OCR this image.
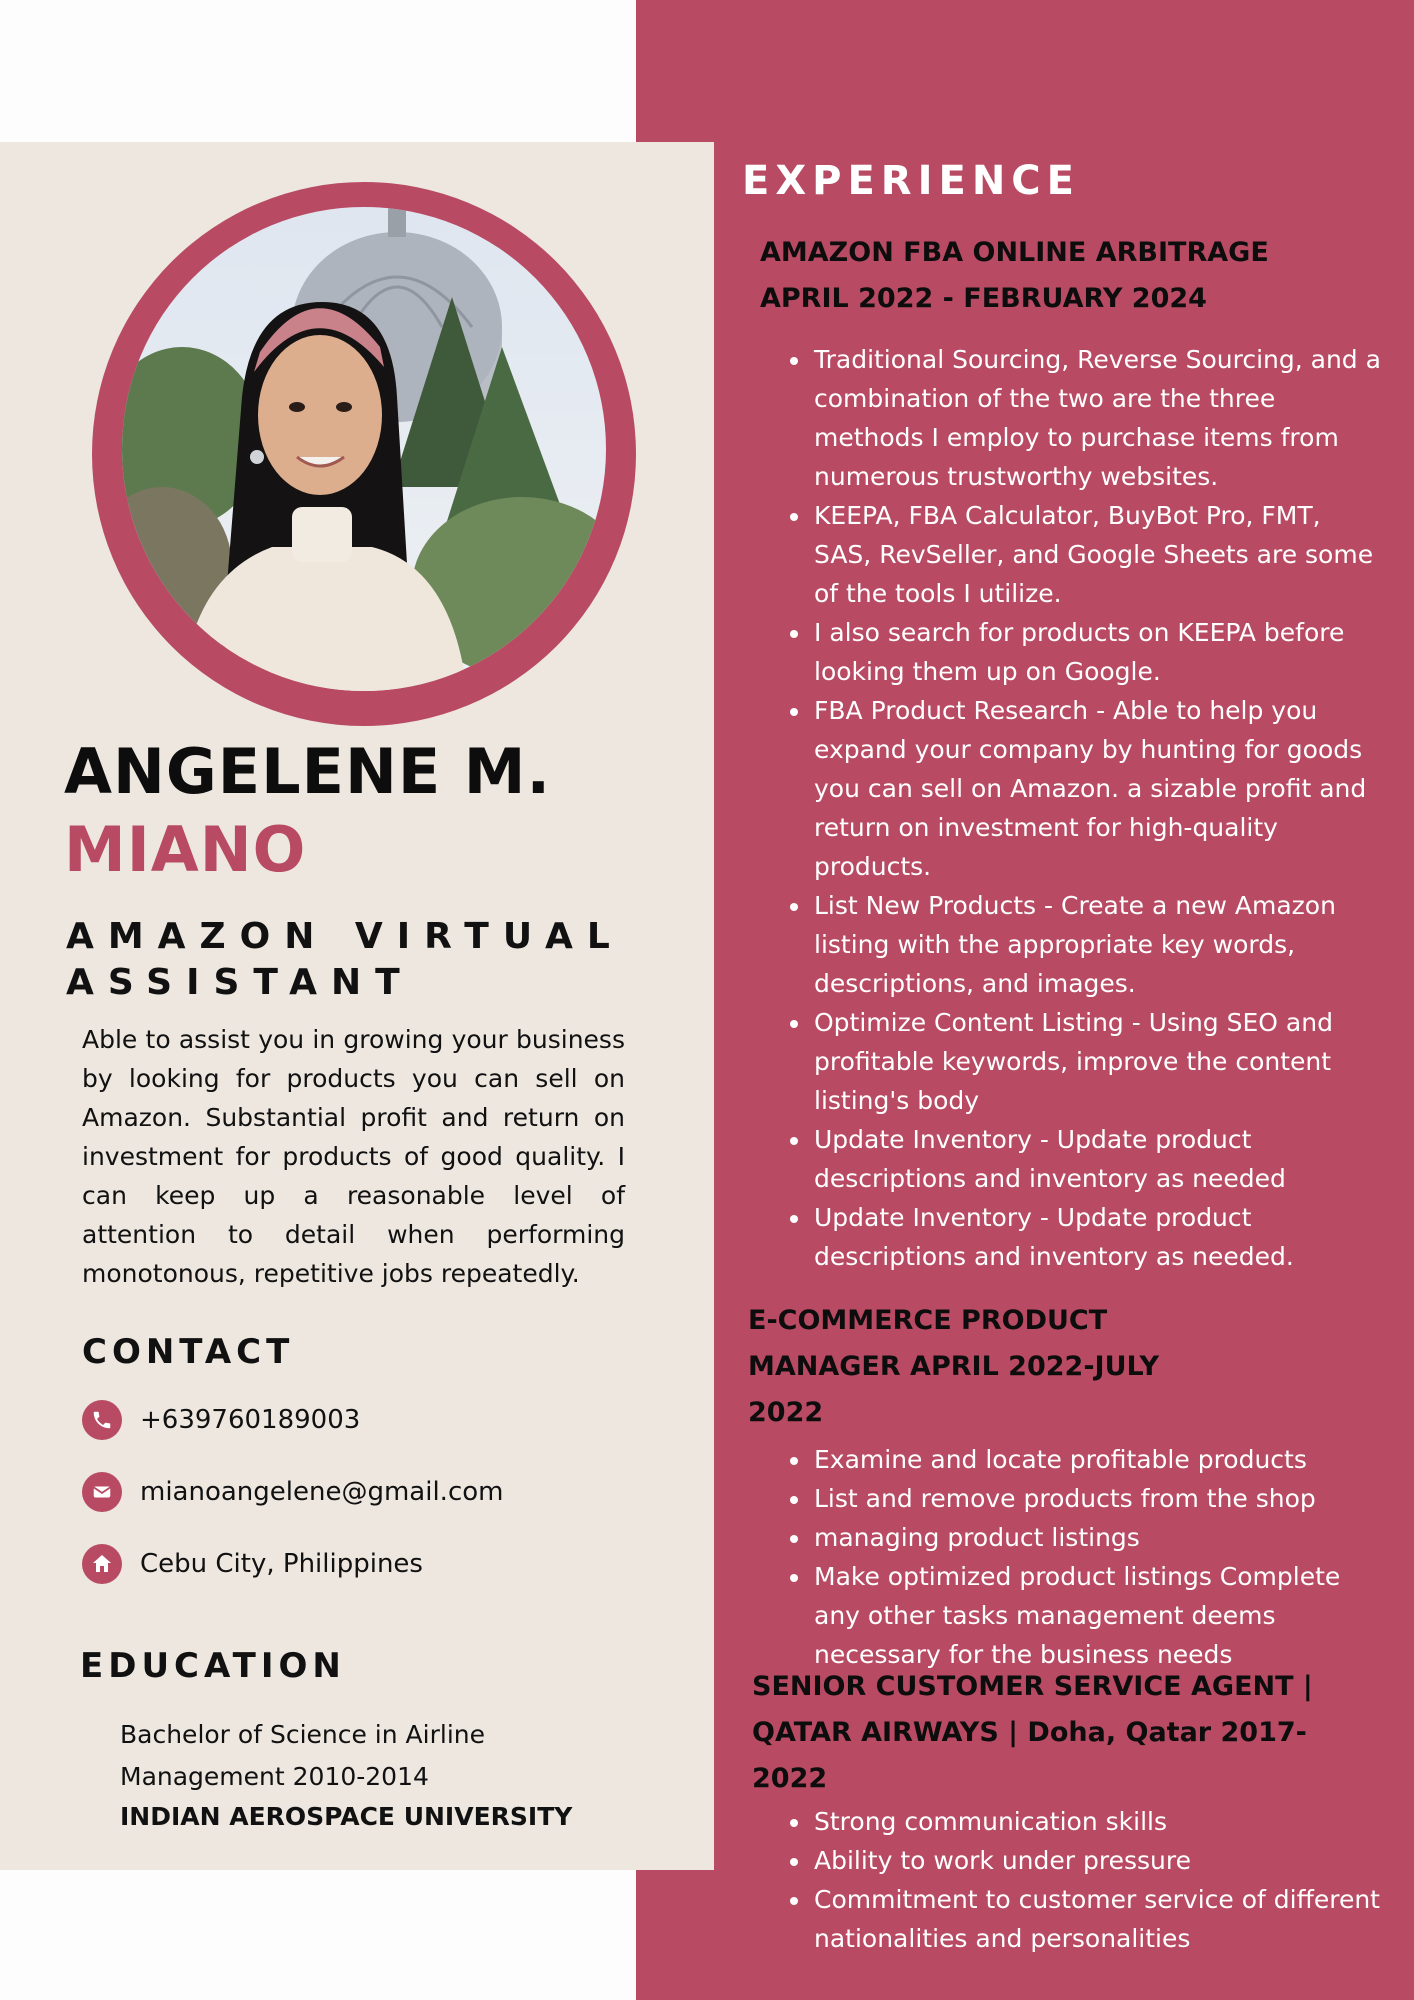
ANGELENE M.
MIANO
AMAZON VIRTUAL ASSISTANT

Able to assist you in growing your business by looking for products you can sell on Amazon. Substantial profit and return on investment for products of good quality. I can keep up a reasonable level of attention to detail when performing monotonous, repetitive jobs repeatedly.

CONTACT
+639760189003
mianoangelene@gmail.com
Cebu City, Philippines
EDUCATION

Bachelor of Science in Airline Management 2010-2014

INDIAN AEROSPACE UNIVERSITY

EXPERIENCE
AMAZON FBA ONLINE ARBITRAGE APRIL 2022 - FEBRUARY 2024
• Traditional Sourcing, Reverse Sourcing, and a combination of the two are the three methods I employ to purchase items from numerous trustworthy websites.
• KEEPA, FBA Calculator, BuyBot Pro, FMT, SAS, RevSeller, and Google Sheets are some of the tools I utilize.
• I also search for products on KEEPA before looking them up on Google.
• FBA Product Research - Able to help you expand your company by hunting for goods you can sell on Amazon. a sizable profit and return on investment for high-quality products.
• List New Products - Create a new Amazon listing with the appropriate key words, descriptions, and images.
• Optimize Content Listing - Using SEO and profitable keywords, improve the content listing's body
• Update Inventory - Update product descriptions and inventory as needed
• Update Inventory - Update product descriptions and inventory as needed.
E-COMMERCE PRODUCT MANAGER APRIL 2022-JULY 2022
• Examine and locate profitable products
• List and remove products from the shop
• managing product listings
• Make optimized product listings Complete any other tasks management deems necessary for the business needs
SENIOR CUSTOMER SERVICE AGENT | QATAR AIRWAYS | Doha, Qatar 2017-2022
• Strong communication skills
• Ability to work under pressure
• Commitment to customer service of different nationalities and personalities
